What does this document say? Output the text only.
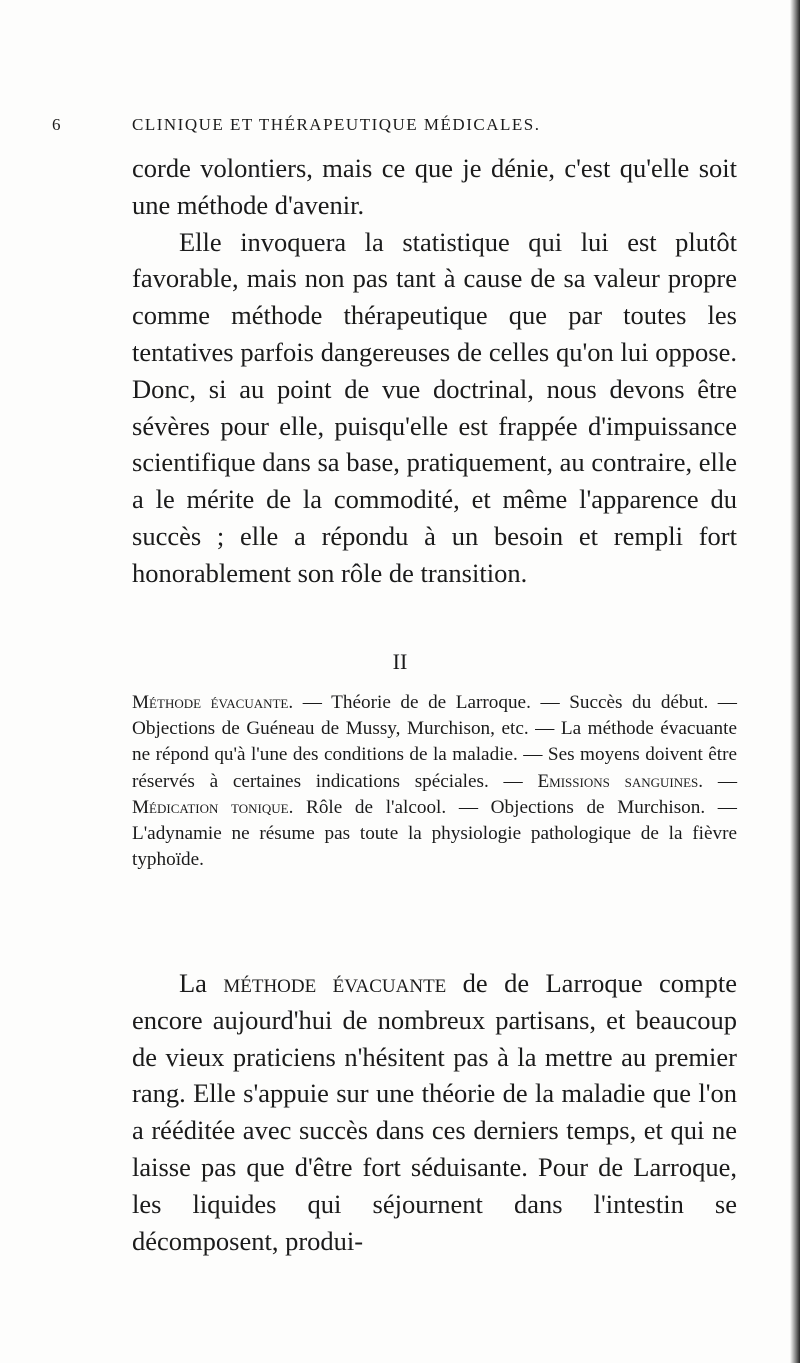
6	CLINIQUE ET THÉRAPEUTIQUE MÉDICALES.

corde volontiers, mais ce que je dénie, c'est qu'elle soit une méthode d'avenir.

Elle invoquera la statistique qui lui est plutôt favorable, mais non pas tant à cause de sa valeur propre comme méthode thérapeutique que par toutes les tentatives parfois dangereuses de celles qu'on lui oppose. Donc, si au point de vue doctrinal, nous devons être sévères pour elle, puisqu'elle est frappée d'impuissance scientifique dans sa base, pratiquement, au contraire, elle a le mérite de la commodité, et même l'apparence du succès ; elle a répondu à un besoin et rempli fort honorablement son rôle de transition.

II

Méthode évacuante. — Théorie de de Larroque. — Succès du début. — Objections de Guéneau de Mussy, Murchison, etc. — La méthode évacuante ne répond qu'à l'une des conditions de la maladie. — Ses moyens doivent être réservés à certaines indications spéciales. — Emissions sanguines. — Médication tonique. Rôle de l'alcool. — Objections de Murchison. — L'adynamie ne résume pas toute la physiologie pathologique de la fièvre typhoïde.

La méthode évacuante de de Larroque compte encore aujourd'hui de nombreux partisans, et beaucoup de vieux praticiens n'hésitent pas à la mettre au premier rang. Elle s'appuie sur une théorie de la maladie que l'on a rééditée avec succès dans ces derniers temps, et qui ne laisse pas que d'être fort séduisante. Pour de Larroque, les liquides qui séjournent dans l'intestin se décomposent, produi-
